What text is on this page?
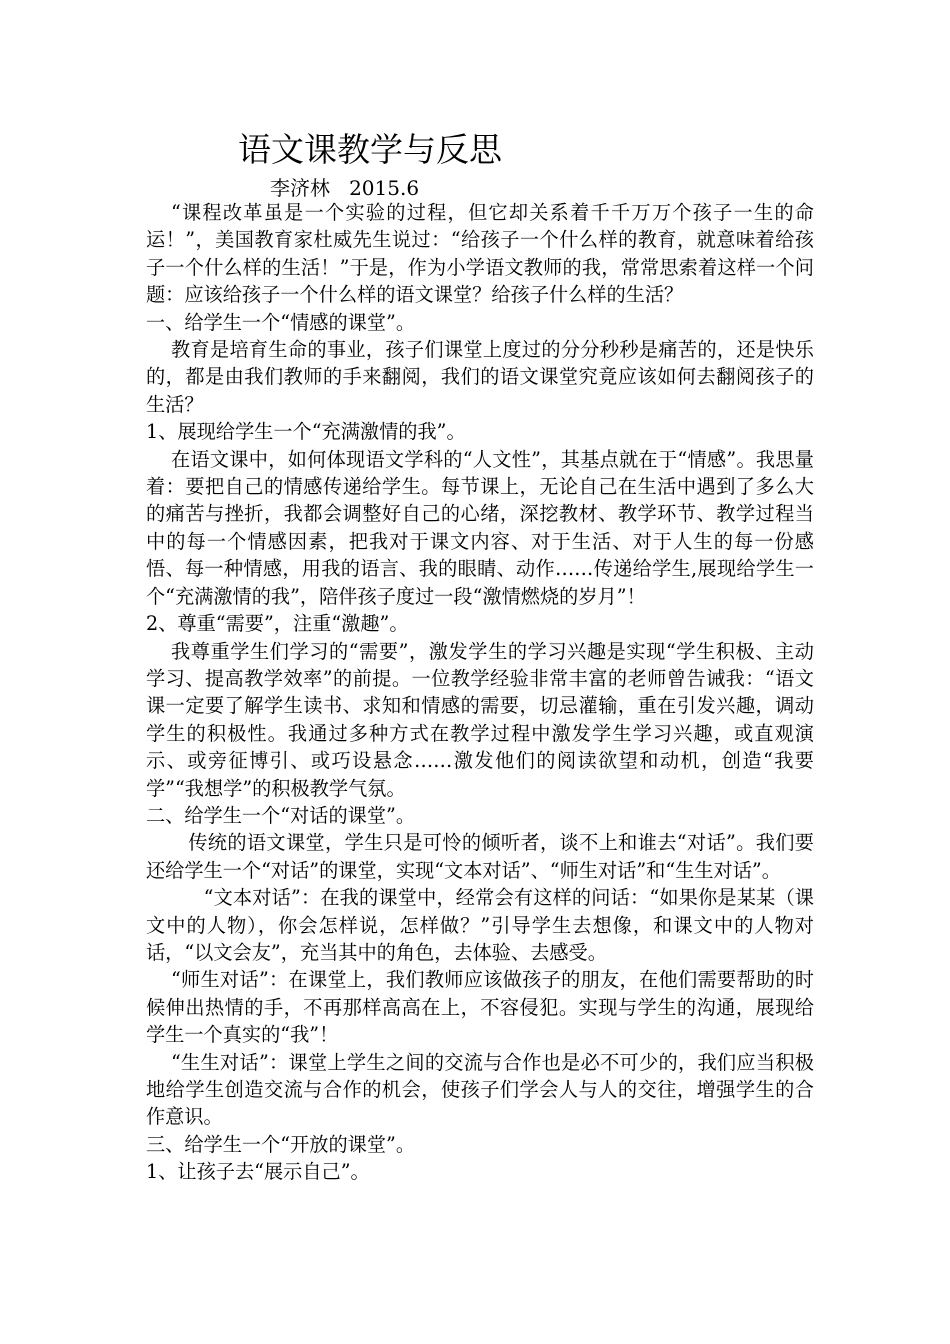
语文课教学与反思
李济林   2015.6

“课程改革虽是一个实验的过程，但它却关系着千千万万个孩子一生的命运！”，美国教育家杜威先生说过：“给孩子一个什么样的教育，就意味着给孩子一个什么样的生活！”于是，作为小学语文教师的我，常常思索着这样一个问题：应该给孩子一个什么样的语文课堂？给孩子什么样的生活？

一、给学生一个“情感的课堂”。

教育是培育生命的事业，孩子们课堂上度过的分分秒秒是痛苦的，还是快乐的，都是由我们教师的手来翻阅，我们的语文课堂究竟应该如何去翻阅孩子的生活？

1、展现给学生一个“充满激情的我”。

在语文课中，如何体现语文学科的“人文性”，其基点就在于“情感”。我思量着：要把自己的情感传递给学生。每节课上，无论自己在生活中遇到了多么大的痛苦与挫折，我都会调整好自己的心绪，深挖教材、教学环节、教学过程当中的每一个情感因素，把我对于课文内容、对于生活、对于人生的每一份感悟、每一种情感，用我的语言、我的眼睛、动作……传递给学生,展现给学生一个“充满激情的我”，陪伴孩子度过一段“激情燃烧的岁月”！

2、尊重“需要”，注重“激趣”。

我尊重学生们学习的“需要”，激发学生的学习兴趣是实现“学生积极、主动学习、提高教学效率”的前提。一位教学经验非常丰富的老师曾告诫我：“语文课一定要了解学生读书、求知和情感的需要，切忌灌输，重在引发兴趣，调动学生的积极性。我通过多种方式在教学过程中激发学生学习兴趣，或直观演示、或旁征博引、或巧设悬念……激发他们的阅读欲望和动机，创造“我要学”“我想学”的积极教学气氛。

二、给学生一个“对话的课堂”。

传统的语文课堂，学生只是可怜的倾听者，谈不上和谁去“对话”。我们要还给学生一个“对话”的课堂，实现“文本对话”、“师生对话”和“生生对话”。

“文本对话”：在我的课堂中，经常会有这样的问话：“如果你是某某（课文中的人物），你会怎样说，怎样做？”引导学生去想像，和课文中的人物对话，“以文会友”，充当其中的角色，去体验、去感受。

“师生对话”：在课堂上，我们教师应该做孩子的朋友，在他们需要帮助的时候伸出热情的手，不再那样高高在上，不容侵犯。实现与学生的沟通，展现给学生一个真实的“我”！

“生生对话”：课堂上学生之间的交流与合作也是必不可少的，我们应当积极地给学生创造交流与合作的机会，使孩子们学会人与人的交往，增强学生的合作意识。

三、给学生一个“开放的课堂”。

1、让孩子去“展示自己”。
